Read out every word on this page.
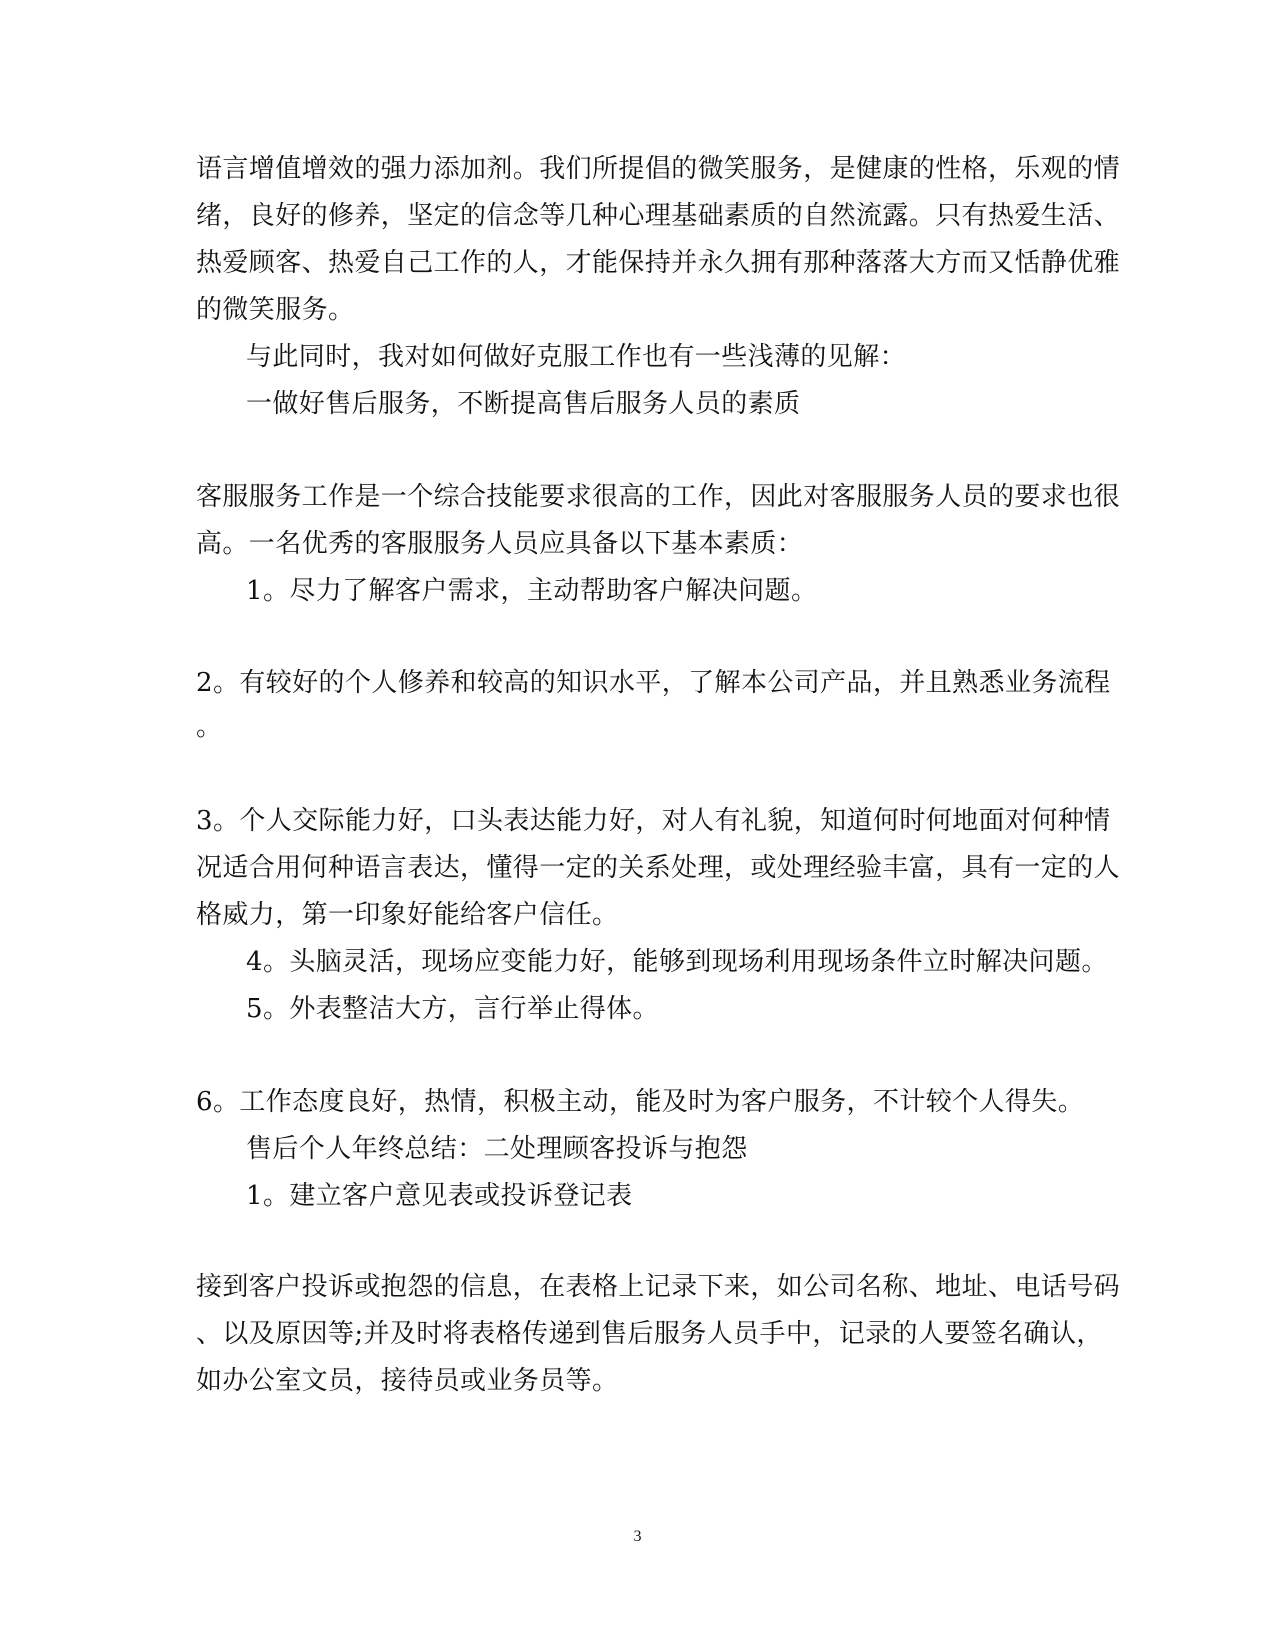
语言增值增效的强力添加剂。我们所提倡的微笑服务，是健康的性格，乐观的情
绪，良好的修养，坚定的信念等几种心理基础素质的自然流露。只有热爱生活、
热爱顾客、热爱自己工作的人，才能保持并永久拥有那种落落大方而又恬静优雅
的微笑服务。
与此同时，我对如何做好克服工作也有一些浅薄的见解：
一做好售后服务，不断提高售后服务人员的素质
客服服务工作是一个综合技能要求很高的工作，因此对客服服务人员的要求也很
高。一名优秀的客服服务人员应具备以下基本素质：
1。尽力了解客户需求，主动帮助客户解决问题。
2。有较好的个人修养和较高的知识水平，了解本公司产品，并且熟悉业务流程
。
3。个人交际能力好，口头表达能力好，对人有礼貌，知道何时何地面对何种情
况适合用何种语言表达，懂得一定的关系处理，或处理经验丰富，具有一定的人
格威力，第一印象好能给客户信任。
4。头脑灵活，现场应变能力好，能够到现场利用现场条件立时解决问题。
5。外表整洁大方，言行举止得体。
6。工作态度良好，热情，积极主动，能及时为客户服务，不计较个人得失。
售后个人年终总结：二处理顾客投诉与抱怨
1。建立客户意见表或投诉登记表
接到客户投诉或抱怨的信息，在表格上记录下来，如公司名称、地址、电话号码
、以及原因等;并及时将表格传递到售后服务人员手中，记录的人要签名确认，
如办公室文员，接待员或业务员等。
3
